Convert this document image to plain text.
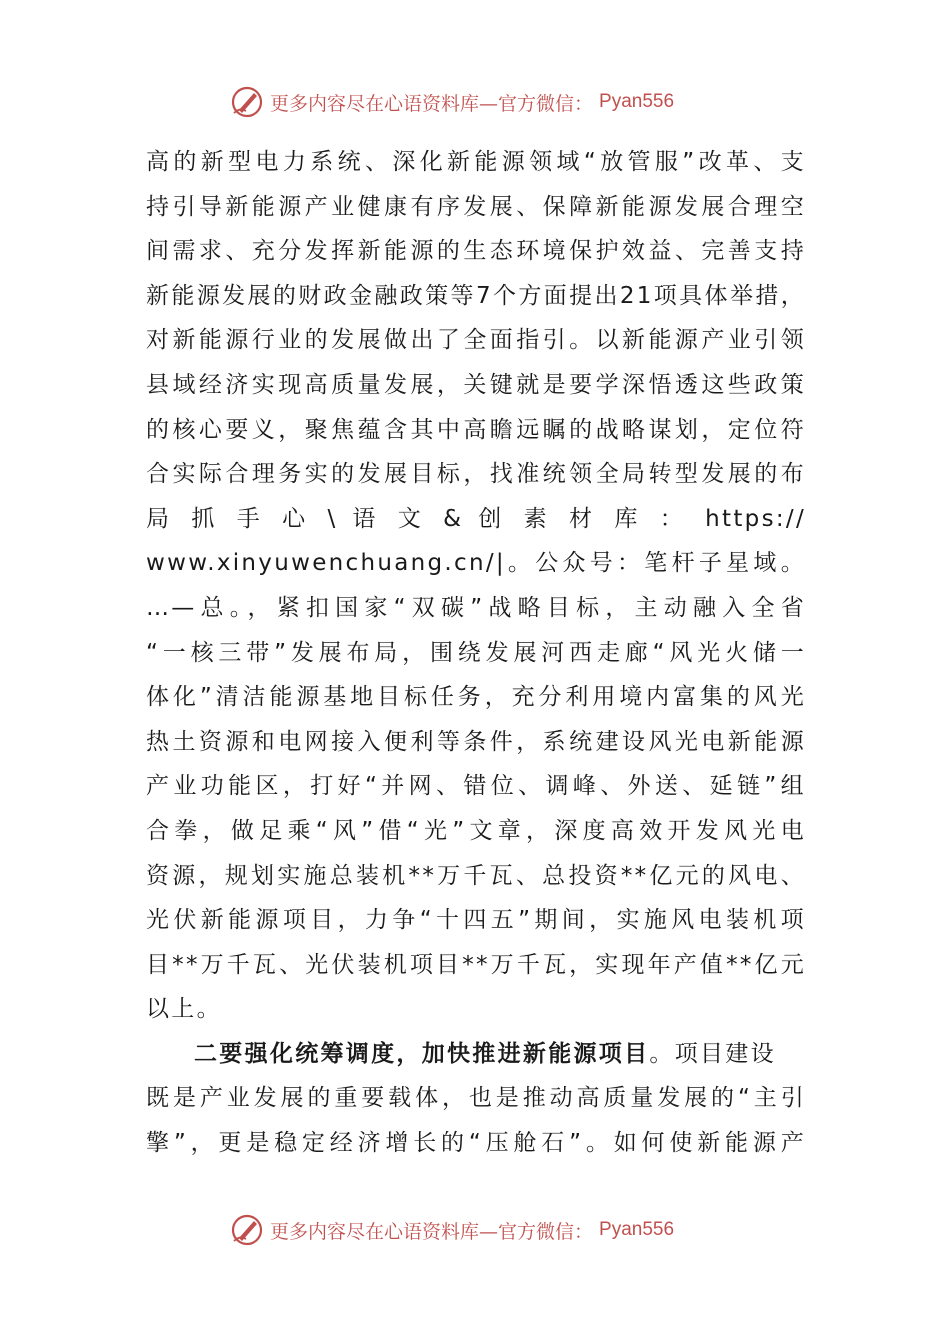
更多内容尽在心语资料库—官方微信： Pyan556
高的新型电力系统、深化新能源领域“放管服”改革、支
持引导新能源产业健康有序发展、保障新能源发展合理空
间需求、充分发挥新能源的生态环境保护效益、完善支持
新能源发展的财政金融政策等7个方面提出21项具体举措，
对新能源行业的发展做出了全面指引。以新能源产业引领
县域经济实现高质量发展，关键就是要学深悟透这些政策
的核心要义，聚焦蕴含其中高瞻远瞩的战略谋划，定位符
合实际合理务实的发展目标，找准统领全局转型发展的布
局 抓 手 心 \ 语 文 & 创 素 材 库 ： https://
www.xinyuwenchuang.cn/|。公众号：笔杆子星域。
…—总。，紧扣国家“双碳”战略目标，主动融入全省
“一核三带”发展布局，围绕发展河西走廊“风光火储一
体化”清洁能源基地目标任务，充分利用境内富集的风光
热土资源和电网接入便利等条件，系统建设风光电新能源
产业功能区，打好“并网、错位、调峰、外送、延链”组
合拳，做足乘“风”借“光”文章，深度高效开发风光电
资源，规划实施总装机**万千瓦、总投资**亿元的风电、
光伏新能源项目，力争“十四五”期间，实施风电装机项
目**万千瓦、光伏装机项目**万千瓦，实现年产值**亿元
以上。
二要强化统筹调度，加快推进新能源项目。项目建设
既是产业发展的重要载体，也是推动高质量发展的“主引
擎”，更是稳定经济增长的“压舱石”。如何使新能源产
更多内容尽在心语资料库—官方微信： Pyan556
